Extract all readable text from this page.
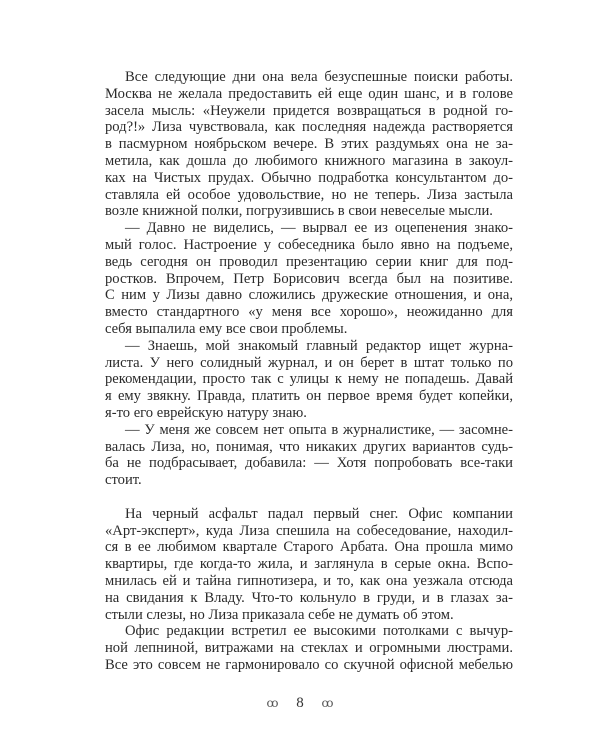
Все следующие дни она вела безуспешные поиски работы.
Москва не желала предоставить ей еще один шанс, и в голове
засела мысль: «Неужели придется возвращаться в родной го-
род?!» Лиза чувствовала, как последняя надежда растворяется
в пасмурном ноябрьском вечере. В этих раздумьях она не за-
метила, как дошла до любимого книжного магазина в закоул-
ках на Чистых прудах. Обычно подработка консультантом до-
ставляла ей особое удовольствие, но не теперь. Лиза застыла
возле книжной полки, погрузившись в свои невеселые мысли.
— Давно не виделись, — вырвал ее из оцепенения знако-
мый голос. Настроение у собеседника было явно на подъеме,
ведь сегодня он проводил презентацию серии книг для под-
ростков. Впрочем, Петр Борисович всегда был на позитиве.
С ним у Лизы давно сложились дружеские отношения, и она,
вместо стандартного «у меня все хорошо», неожиданно для
себя выпалила ему все свои проблемы.
— Знаешь, мой знакомый главный редактор ищет журна-
листа. У него солидный журнал, и он берет в штат только по
рекомендации, просто так с улицы к нему не попадешь. Давай
я ему звякну. Правда, платить он первое время будет копейки,
я-то его еврейскую натуру знаю.
— У меня же совсем нет опыта в журналистике, — засомне-
валась Лиза, но, понимая, что никаких других вариантов судь-
ба не подбрасывает, добавила: — Хотя попробовать все-таки
стоит.
На черный асфальт падал первый снег. Офис компании
«Арт-эксперт», куда Лиза спешила на собеседование, находил-
ся в ее любимом квартале Старого Арбата. Она прошла мимо
квартиры, где когда-то жила, и заглянула в серые окна. Вспо-
мнилась ей и тайна гипнотизера, и то, как она уезжала отсюда
на свидания к Владу. Что-то кольнуло в груди, и в глазах за-
стыли слезы, но Лиза приказала себе не думать об этом.
Офис редакции встретил ее высокими потолками с вычур-
ной лепниной, витражами на стеклах и огромными люстрами.
Все это совсем не гармонировало со скучной офисной мебелью
ꝏ 8 ꝏ
